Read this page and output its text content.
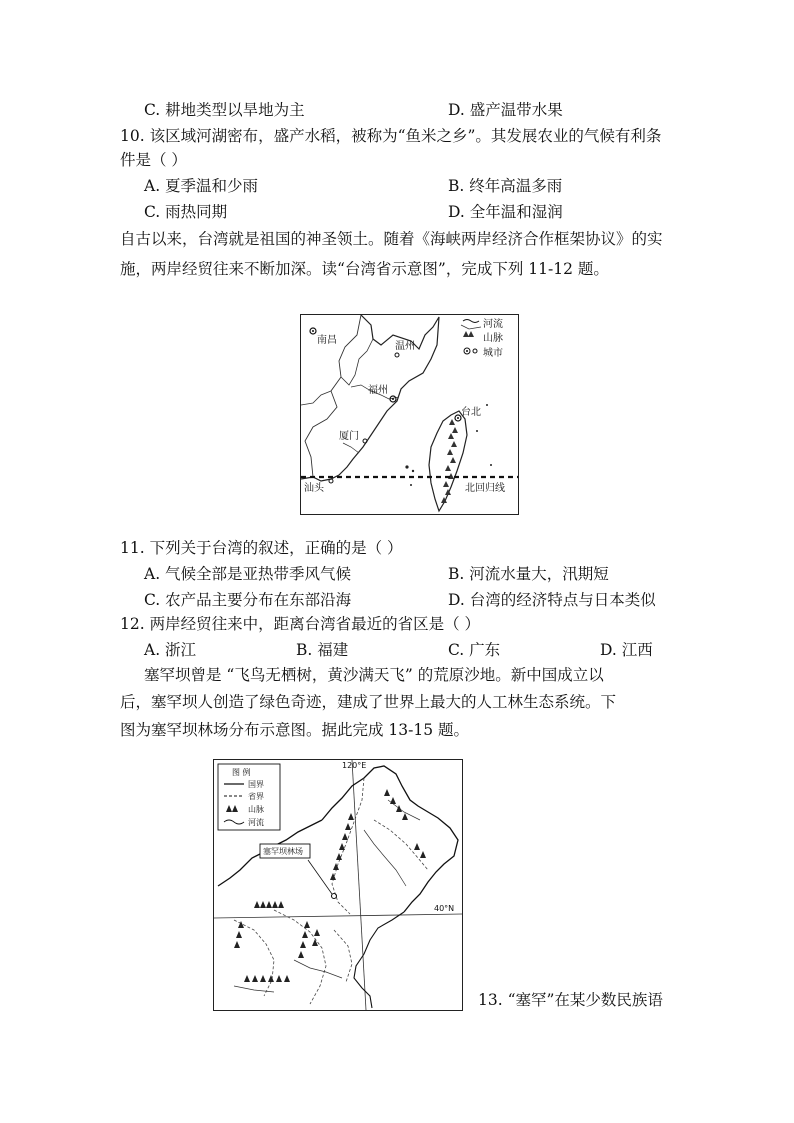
C. 耕地类型以旱地为主	D. 盛产温带水果
10. 该区域河湖密布，盛产水稻，被称为“鱼米之乡”。其发展农业的气候有利条
件是（ ）
A. 夏季温和少雨	B. 终年高温多雨
C. 雨热同期	D. 全年温和湿润
自古以来，台湾就是祖国的神圣领土。随着《海峡两岸经济合作框架协议》的实
施，两岸经贸往来不断加深。读“台湾省示意图”，完成下列 11-12 题。
南昌
温州
福州
厦门
台北
汕头
河流
山脉
城市
北回归线
11. 下列关于台湾的叙述，正确的是（ ）
A. 气候全部是亚热带季风气候	B. 河流水量大，汛期短
C. 农产品主要分布在东部沿海	D. 台湾的经济特点与日本类似
12. 两岸经贸往来中，距离台湾省最近的省区是（ ）
A. 浙江	B. 福建	C. 广东	D. 江西
塞罕坝曾是 “飞鸟无栖树，黄沙满天飞” 的荒原沙地。新中国成立以
后，塞罕坝人创造了绿色奇迹，建成了世界上最大的人工林生态系统。下
图为塞罕坝林场分布示意图。据此完成 13-15 题。
图 例
国界
省界
山脉
河流
120°E
40°N
塞罕坝林场
13. “塞罕”在某少数民族语
